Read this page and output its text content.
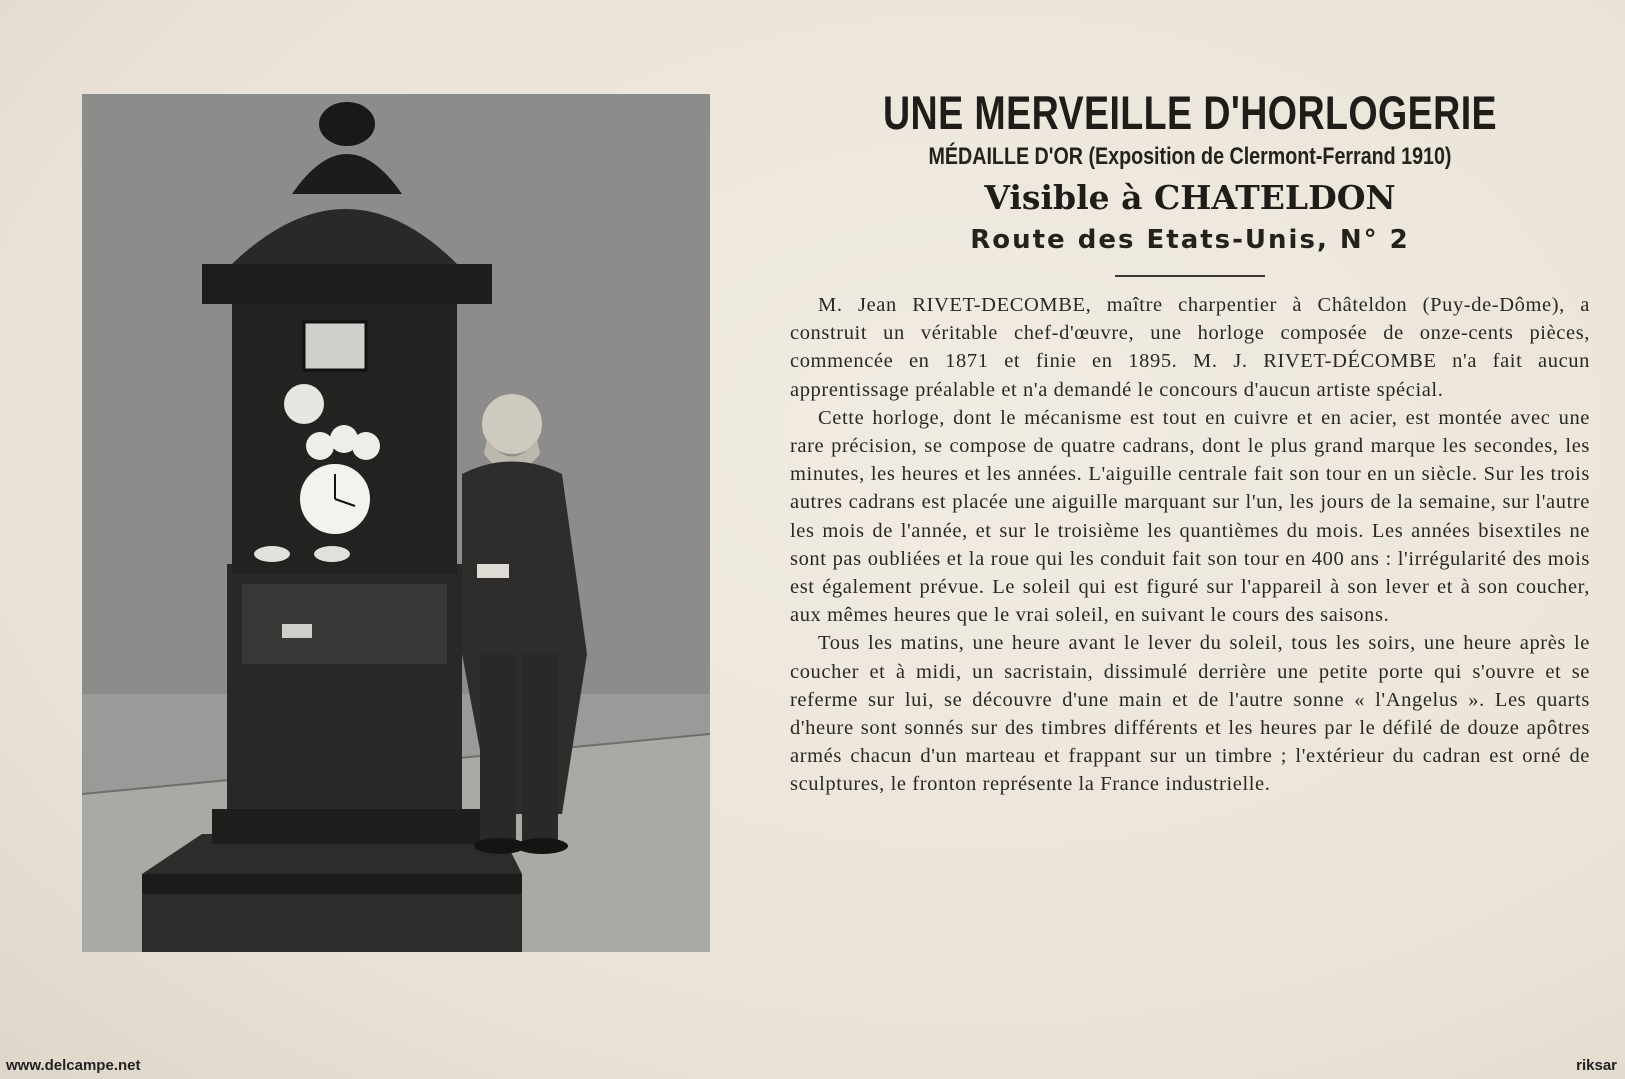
UNE MERVEILLE D'HORLOGERIE
MÉDAILLE D'OR (Exposition de Clermont-Ferrand 1910)
Visible à CHATELDON
Route des Etats-Unis, N° 2

M. Jean RIVET-DECOMBE, maître charpentier à Châteldon (Puy-de-Dôme), a construit un véritable chef-d'œuvre, une horloge composée de onze-cents pièces, commencée en 1871 et finie en 1895. M. J. RIVET-DÉCOMBE n'a fait aucun apprentissage préalable et n'a demandé le concours d'aucun artiste spécial.

Cette horloge, dont le mécanisme est tout en cuivre et en acier, est montée avec une rare précision, se compose de quatre cadrans, dont le plus grand marque les secondes, les minutes, les heures et les années. L'aiguille centrale fait son tour en un siècle. Sur les trois autres cadrans est placée une aiguille marquant sur l'un, les jours de la semaine, sur l'autre les mois de l'année, et sur le troisième les quantièmes du mois. Les années bisextiles ne sont pas oubliées et la roue qui les conduit fait son tour en 400 ans : l'irrégularité des mois est également prévue. Le soleil qui est figuré sur l'appareil à son lever et à son coucher, aux mêmes heures que le vrai soleil, en suivant le cours des saisons.

Tous les matins, une heure avant le lever du soleil, tous les soirs, une heure après le coucher et à midi, un sacristain, dissimulé derrière une petite porte qui s'ouvre et se referme sur lui, se découvre d'une main et de l'autre sonne « l'Angelus ». Les quarts d'heure sont sonnés sur des timbres différents et les heures par le défilé de douze apôtres armés chacun d'un marteau et frappant sur un timbre ; l'extérieur du cadran est orné de sculptures, le fronton représente la France industrielle.

www.delcampe.net	riksar
